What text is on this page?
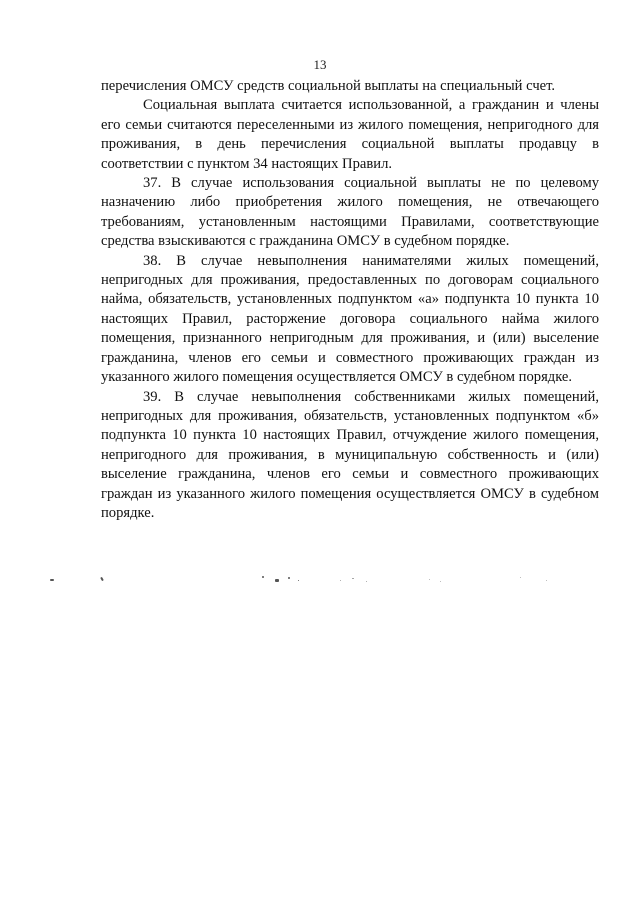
13

перечисления ОМСУ средств социальной выплаты на специальный счет.

Социальная выплата считается использованной, а гражданин и члены его семьи считаются переселенными из жилого помещения, непригодного для проживания, в день перечисления социальной выплаты продавцу в соответствии с пунктом 34 настоящих Правил.

37. В случае использования социальной выплаты не по целевому назначению либо приобретения жилого помещения, не отвечающего требованиям, установленным настоящими Правилами, соответствующие средства взыскиваются с гражданина ОМСУ в судебном порядке.

38. В случае невыполнения нанимателями жилых помещений, непригодных для проживания, предоставленных по договорам социального найма, обязательств, установленных подпунктом «а» подпункта 10 пункта 10 настоящих Правил, расторжение договора социального найма жилого помещения, признанного непригодным для проживания, и (или) выселение гражданина, членов его семьи и совместного проживающих граждан из указанного жилого помещения осуществляется ОМСУ в судебном порядке.

39. В случае невыполнения собственниками жилых помещений, непригодных для проживания, обязательств, установленных подпунктом «б» подпункта 10 пункта 10 настоящих Правил, отчуждение жилого помещения, непригодного для проживания, в муниципальную собственность и (или) выселение гражданина, членов его семьи и совместного проживающих граждан из указанного жилого помещения осуществляется ОМСУ в судебном порядке.
